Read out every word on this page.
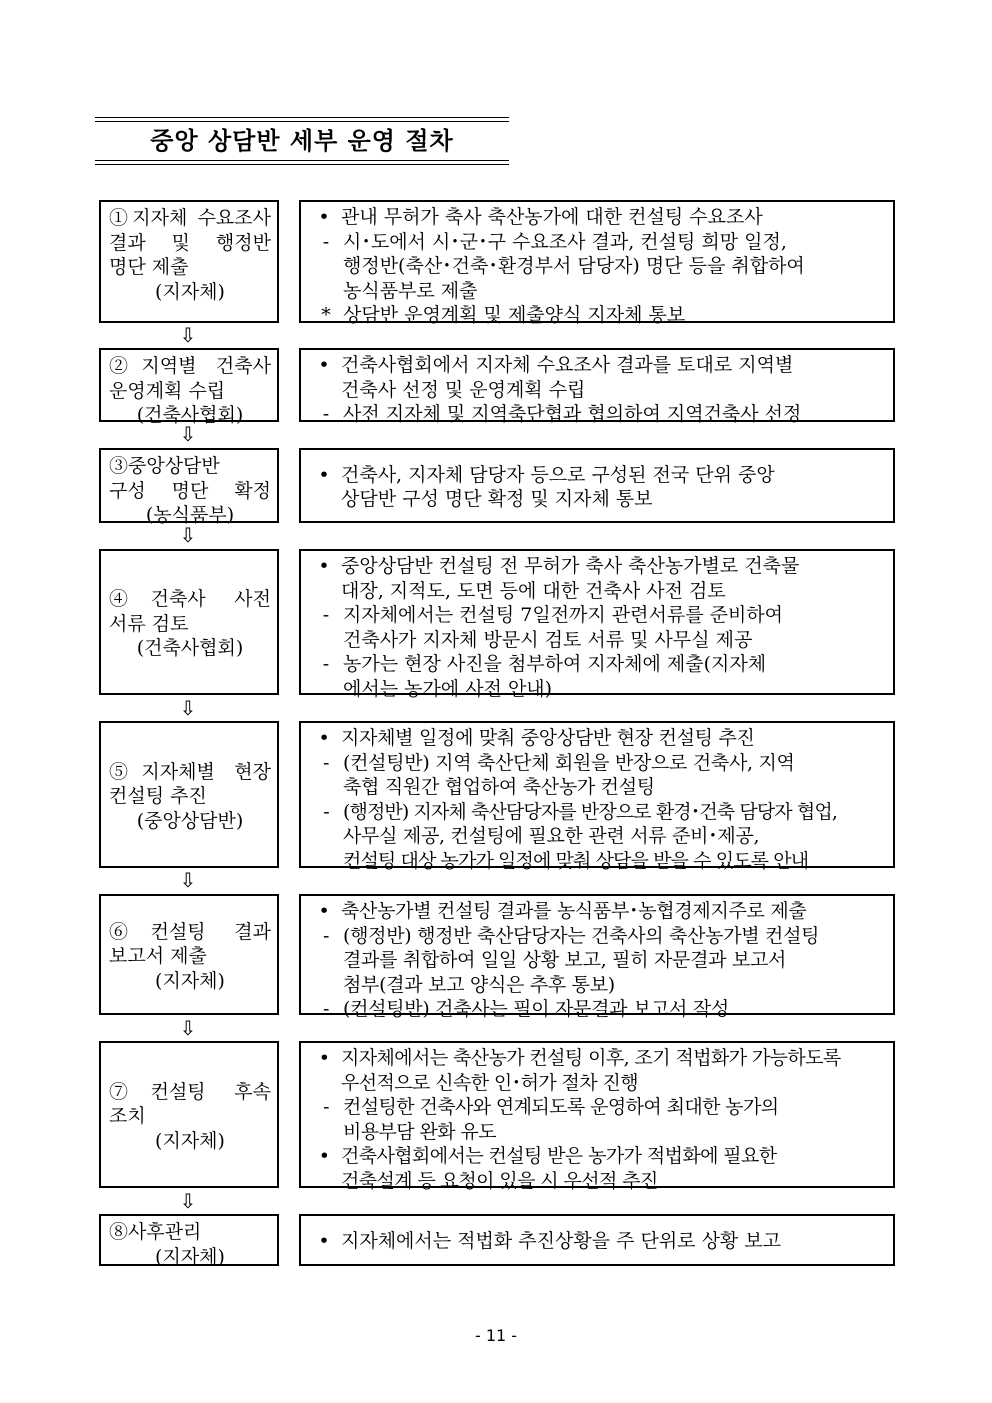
중앙 상담반 세부 운영 절차
①지자체 수요조사
결과 및 행정반
명단 제출
(지자체)
• 관내 무허가 축사 축산농가에 대한 컨설팅 수요조사
- 시･도에서 시･군･구 수요조사 결과, 컨설팅 희망 일정,
행정반(축산･건축･환경부서 담당자) 명단 등을 취합하여
농식품부로 제출
* 상담반 운영계획 및 제출양식 지자체 통보
⇩
②지역별 건축사
운영계획 수립
(건축사협회)
• 건축사협회에서 지자체 수요조사 결과를 토대로 지역별
건축사 선정 및 운영계획 수립
- 사전 지자체 및 지역축단협과 협의하여 지역건축사 선정
⇩
③중앙상담반
구성 명단 확정
(농식품부)
• 건축사, 지자체 담당자 등으로 구성된 전국 단위 중앙
상담반 구성 명단 확정 및 지자체 통보
⇩
④건축사 사전
서류 검토
(건축사협회)
• 중앙상담반 컨설팅 전 무허가 축사 축산농가별로 건축물
대장, 지적도, 도면 등에 대한 건축사 사전 검토
- 지자체에서는 컨설팅 7일전까지 관련서류를 준비하여
건축사가 지자체 방문시 검토 서류 및 사무실 제공
- 농가는 현장 사진을 첨부하여 지자체에 제출(지자체
에서는 농가에 사전 안내)
⇩
⑤지자체별 현장
컨설팅 추진
(중앙상담반)
• 지자체별 일정에 맞춰 중앙상담반 현장 컨설팅 추진
- (컨설팅반) 지역 축산단체 회원을 반장으로 건축사, 지역
축협 직원간 협업하여 축산농가 컨설팅
- (행정반) 지자체 축산담당자를 반장으로 환경･건축 담당자 협업,
사무실 제공, 컨설팅에 필요한 관련 서류 준비･제공,
컨설팅 대상 농가가 일정에 맞춰 상담을 받을 수 있도록 안내
⇩
⑥컨설팅 결과
보고서 제출
(지자체)
• 축산농가별 컨설팅 결과를 농식품부･농협경제지주로 제출
- (행정반) 행정반 축산담당자는 건축사의 축산농가별 컨설팅
결과를 취합하여 일일 상황 보고, 필히 자문결과 보고서
첨부(결과 보고 양식은 추후 통보)
- (컨설팅반) 건축사는 필이 자문결과 보고서 작성
⇩
⑦컨설팅 후속
조치
(지자체)
• 지자체에서는 축산농가 컨설팅 이후, 조기 적법화가 가능하도록
우선적으로 신속한 인･허가 절차 진행
- 컨설팅한 건축사와 연계되도록 운영하여 최대한 농가의
비용부담 완화 유도
• 건축사협회에서는 컨설팅 받은 농가가 적법화에 필요한
건축설계 등 요청이 있을 시 우선적 추진
⇩
⑧사후관리
(지자체)
• 지자체에서는 적법화 추진상황을 주 단위로 상황 보고
- 11 -
